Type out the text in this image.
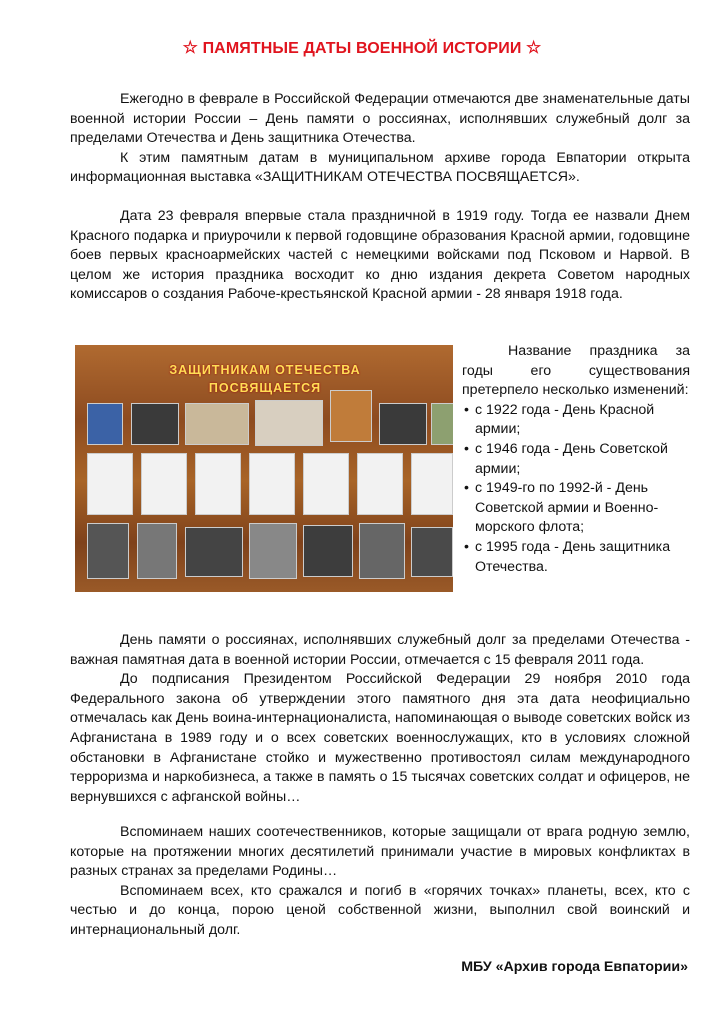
☆ ПАМЯТНЫЕ ДАТЫ ВОЕННОЙ ИСТОРИИ ☆

Ежегодно в феврале в Российской Федерации отмечаются две знаменательные даты военной истории России – День памяти о россиянах, исполнявших служебный долг за пределами Отечества и День защитника Отечества.

К этим памятным датам в муниципальном архиве города Евпатории открыта информационная выставка «ЗАЩИТНИКАМ ОТЕЧЕСТВА ПОСВЯЩАЕТСЯ».

Дата 23 февраля впервые стала праздничной в 1919 году. Тогда ее назвали Днем Красного подарка и приурочили к первой годовщине образования Красной армии, годовщине боев первых красноармейских частей с немецкими войсками под Псковом и Нарвой. В целом же история праздника восходит ко дню издания декрета Советом народных комиссаров о создания Рабоче-крестьянской Красной армии - 28 января 1918 года.

ЗАЩИТНИКАМ ОТЕЧЕСТВА ПОСВЯЩАЕТСЯ

Название праздника за годы его существования претерпело несколько изменений:

• с 1922 года - День Красной армии;
• с 1946 года - День Советской армии;
• с 1949-го по 1992-й - День Советской армии и Военно-морского флота;
• с 1995 года - День защитника Отечества.

День памяти о россиянах, исполнявших служебный долг за пределами Отечества - важная памятная дата в военной истории России, отмечается с 15 февраля 2011 года.

До подписания Президентом Российской Федерации 29 ноября 2010 года Федерального закона об утверждении этого памятного дня эта дата неофициально отмечалась как День воина-интернационалиста, напоминающая о выводе советских войск из Афганистана в 1989 году и о всех советских военнослужащих, кто в условиях сложной обстановки в Афганистане стойко и мужественно противостоял силам международного терроризма и наркобизнеса, а также в память о 15 тысячах советских солдат и офицеров, не вернувшихся с афганской войны…

Вспоминаем наших соотечественников, которые защищали от врага родную землю, которые на протяжении многих десятилетий принимали участие в мировых конфликтах в разных странах за пределами Родины…

Вспоминаем всех, кто сражался и погиб в «горячих точках» планеты, всех, кто с честью и до конца, порою ценой собственной жизни, выполнил свой воинский и интернациональный долг.

МБУ «Архив города Евпатории»
